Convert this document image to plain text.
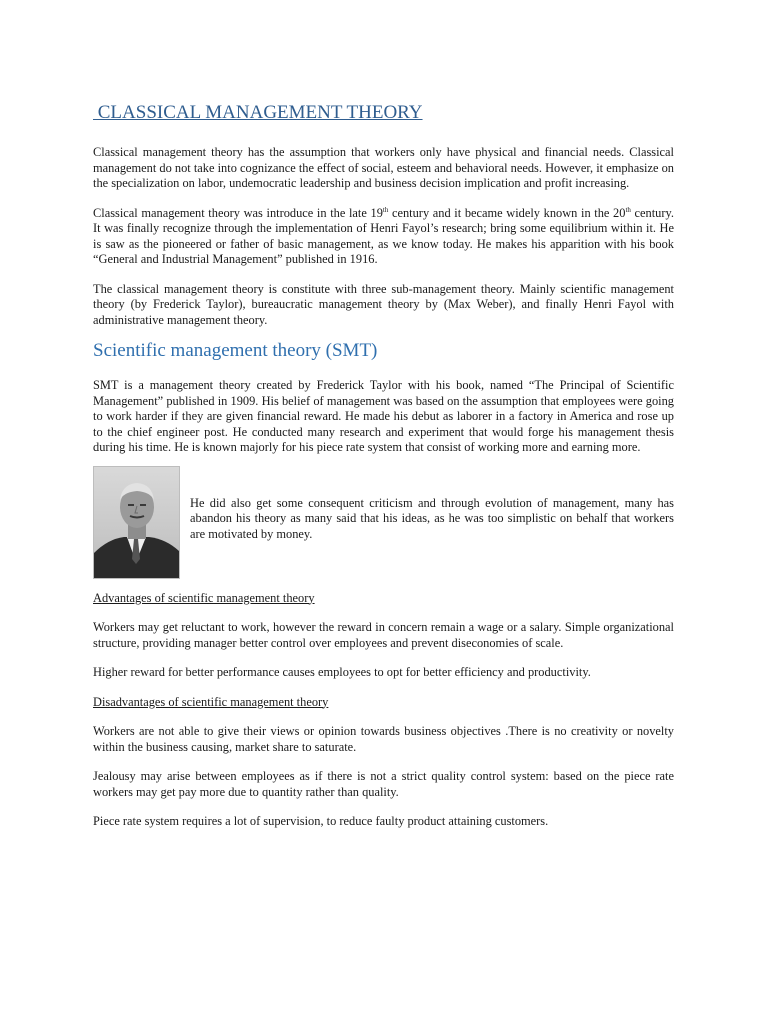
CLASSICAL MANAGEMENT THEORY

Classical management theory has the assumption that workers only have physical and financial needs. Classical management do not take into cognizance the effect of social, esteem and behavioral needs. However, it emphasize on the specialization on labor, undemocratic leadership and business decision implication and profit increasing.

Classical management theory was introduce in the late 19th century and it became widely known in the 20th century. It was finally recognize through the implementation of Henri Fayol’s research; bring some equilibrium within it. He is saw as the pioneered or father of basic management, as we know today. He makes his apparition with his book “General and Industrial Management” published in 1916.

The classical management theory is constitute with three sub-management theory. Mainly scientific management theory (by Frederick Taylor), bureaucratic management theory by (Max Weber), and finally Henri Fayol with administrative management theory.

Scientific management theory (SMT)

SMT is a management theory created by Frederick Taylor with his book, named “The Principal of Scientific Management” published in 1909. His belief of management was based on the assumption that employees were going to work harder if they are given financial reward. He made his debut as laborer in a factory in America and rose up to the chief engineer post. He conducted many research and experiment that would forge his management thesis during his time. He is known majorly for his piece rate system that consist of working more and earning more.

He did also get some consequent criticism and through evolution of management, many has abandon his theory as many said that his ideas, as he was too simplistic on behalf that workers are motivated by money.

Advantages of scientific management theory

Workers may get reluctant to work, however the reward in concern remain a wage or a salary. Simple organizational structure, providing manager better control over employees and prevent diseconomies of scale.

Higher reward for better performance causes employees to opt for better efficiency and productivity.

Disadvantages of scientific management theory

Workers are not able to give their views or opinion towards business objectives .There is no creativity or novelty within the business causing, market share to saturate.

Jealousy may arise between employees as if there is not a strict quality control system: based on the piece rate workers may get pay more due to quantity rather than quality.

Piece rate system requires a lot of supervision, to reduce faulty product attaining customers.
